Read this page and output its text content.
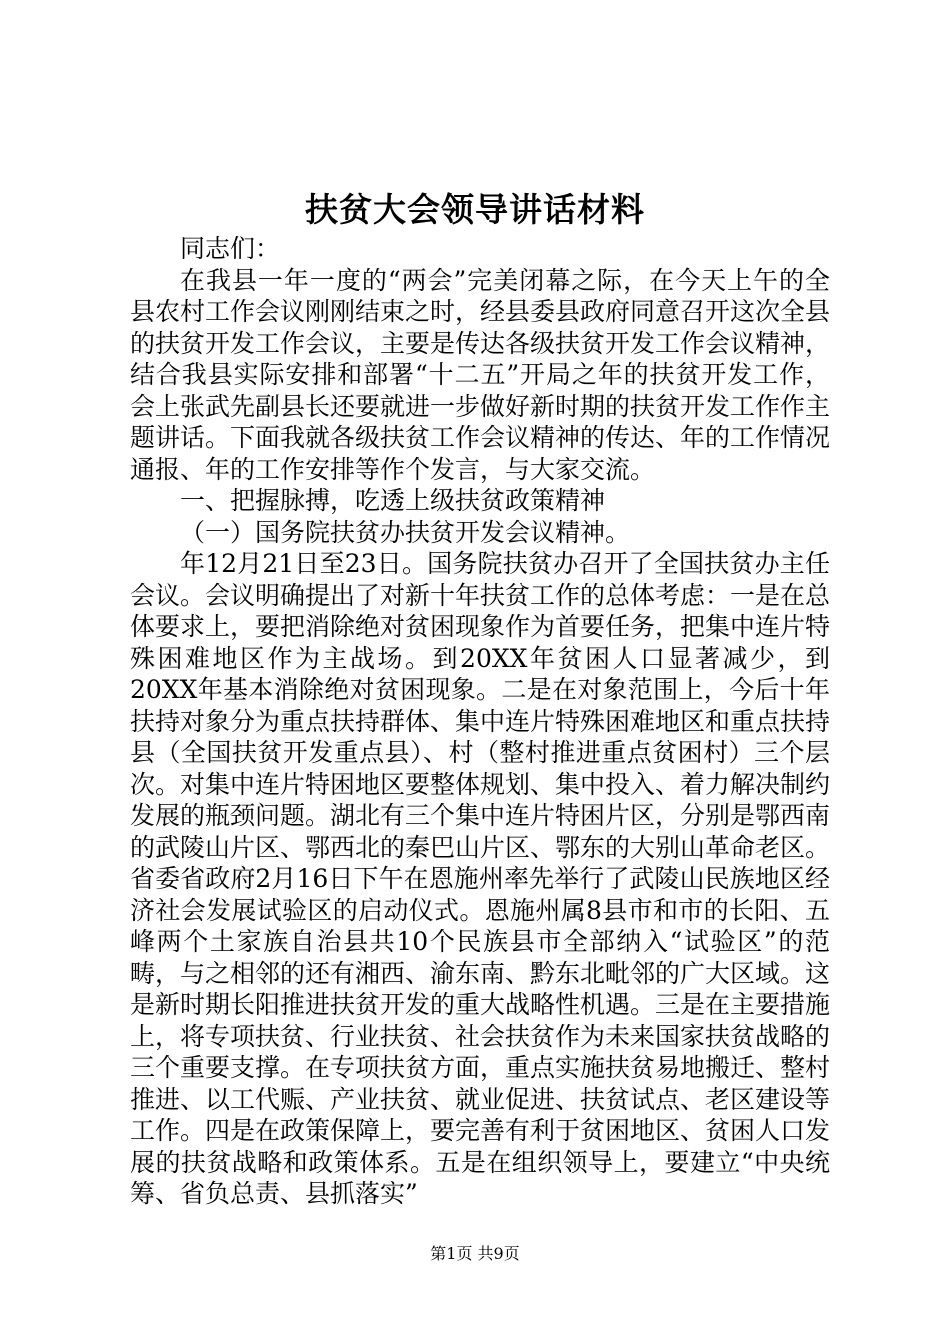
扶贫大会领导讲话材料

同志们：

在我县一年一度的“两会”完美闭幕之际，在今天上午的全县农村工作会议刚刚结束之时，经县委县政府同意召开这次全县的扶贫开发工作会议，主要是传达各级扶贫开发工作会议精神，结合我县实际安排和部署“十二五”开局之年的扶贫开发工作，会上张武先副县长还要就进一步做好新时期的扶贫开发工作作主题讲话。下面我就各级扶贫工作会议精神的传达、年的工作情况通报、年的工作安排等作个发言，与大家交流。

一、把握脉搏，吃透上级扶贫政策精神

（一）国务院扶贫办扶贫开发会议精神。

年12月21日至23日。国务院扶贫办召开了全国扶贫办主任会议。会议明确提出了对新十年扶贫工作的总体考虑：一是在总体要求上，要把消除绝对贫困现象作为首要任务，把集中连片特殊困难地区作为主战场。到20XX年贫困人口显著减少，到20XX年基本消除绝对贫困现象。二是在对象范围上，今后十年扶持对象分为重点扶持群体、集中连片特殊困难地区和重点扶持县（全国扶贫开发重点县）、村（整村推进重点贫困村）三个层次。对集中连片特困地区要整体规划、集中投入、着力解决制约发展的瓶颈问题。湖北有三个集中连片特困片区，分别是鄂西南的武陵山片区、鄂西北的秦巴山片区、鄂东的大别山革命老区。省委省政府2月16日下午在恩施州率先举行了武陵山民族地区经济社会发展试验区的启动仪式。恩施州属8县市和市的长阳、五峰两个土家族自治县共10个民族县市全部纳入“试验区”的范畴，与之相邻的还有湘西、渝东南、黔东北毗邻的广大区域。这是新时期长阳推进扶贫开发的重大战略性机遇。三是在主要措施上，将专项扶贫、行业扶贫、社会扶贫作为未来国家扶贫战略的三个重要支撑。在专项扶贫方面，重点实施扶贫易地搬迁、整村推进、以工代赈、产业扶贫、就业促进、扶贫试点、老区建设等工作。四是在政策保障上，要完善有利于贫困地区、贫困人口发展的扶贫战略和政策体系。五是在组织领导上，要建立“中央统筹、省负总责、县抓落实”

第1页 共9页
